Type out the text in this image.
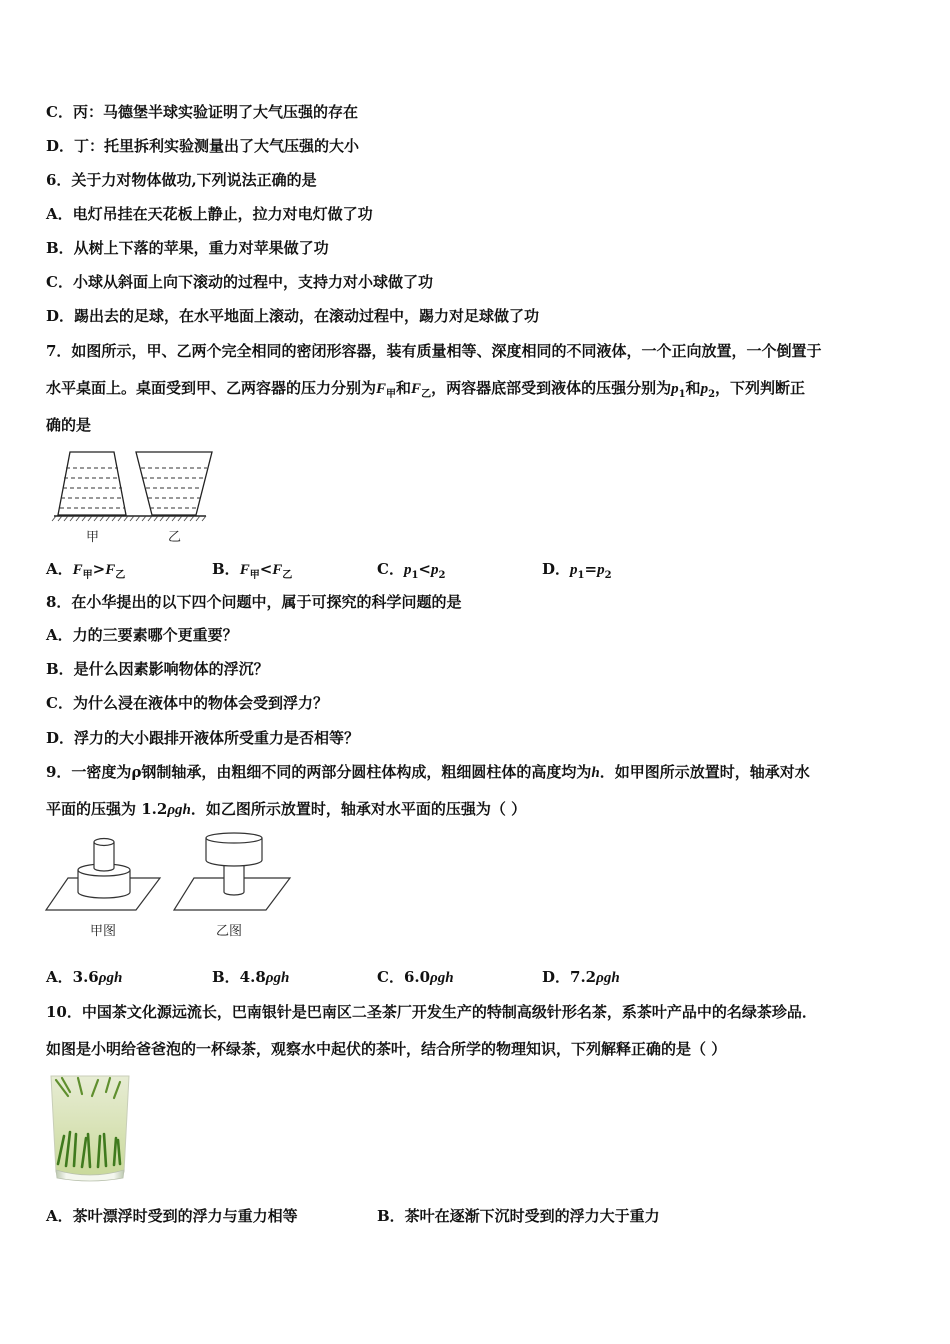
C．丙：马德堡半球实验证明了大气压强的存在
D．丁：托里拆利实验测量出了大气压强的大小
6．关于力对物体做功,下列说法正确的是
A．电灯吊挂在天花板上静止，拉力对电灯做了功
B．从树上下落的苹果，重力对苹果做了功
C．小球从斜面上向下滚动的过程中，支持力对小球做了功
D．踢出去的足球，在水平地面上滚动，在滚动过程中，踢力对足球做了功
7．如图所示，甲、乙两个完全相同的密闭形容器，装有质量相等、深度相同的不同液体，一个正向放置，一个倒置于
水平桌面上。桌面受到甲、乙两容器的压力分别为$F_甲$和$F_乙$，两容器底部受到液体的压强分别为$p_1$和$p_2$，下列判断正
确的是
甲	乙
A．$F_甲>F_乙$	B．$F_甲<F_乙$	C．$p_1<p_2$	D．$p_1=p_2$
8．在小华提出的以下四个问题中，属于可探究的科学问题的是
A．力的三要素哪个更重要？
B．是什么因素影响物体的浮沉？
C．为什么浸在液体中的物体会受到浮力？
D．浮力的大小跟排开液体所受重力是否相等？
9．一密度为ρ钢制轴承，由粗细不同的两部分圆柱体构成，粗细圆柱体的高度均为h．如甲图所示放置时，轴承对水
平面的压强为 1.2ρgh．如乙图所示放置时，轴承对水平面的压强为（ ）
甲图	乙图
A．3.6ρgh	B．4.8ρgh	C．6.0ρgh	D．7.2ρgh
10．中国茶文化源远流长，巴南银针是巴南区二圣茶厂开发生产的特制高级针形名茶，系茶叶产品中的名绿茶珍品．
如图是小明给爸爸泡的一杯绿茶，观察水中起伏的茶叶，结合所学的物理知识，下列解释正确的是（ ）
A．茶叶漂浮时受到的浮力与重力相等	B．茶叶在逐渐下沉时受到的浮力大于重力
